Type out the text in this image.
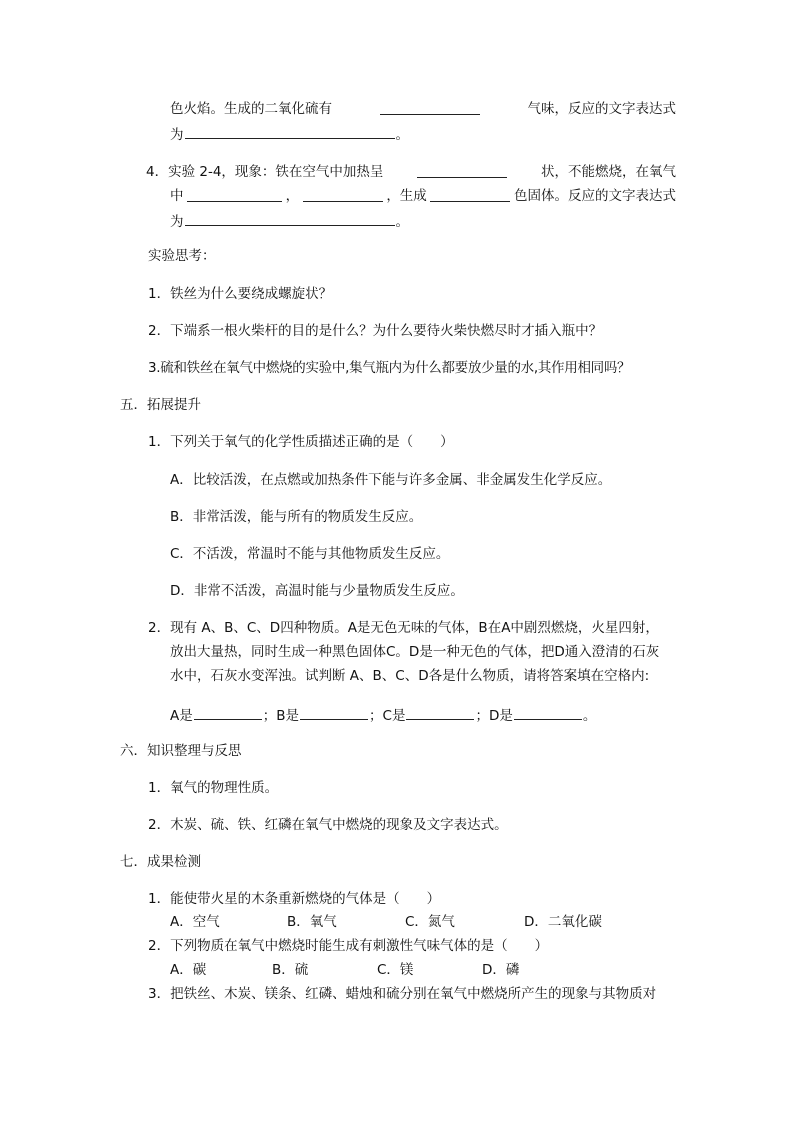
色火焰。生成的二氧化硫有	气味，反应的文字表达式
为	。
4．实验 2-4，现象：铁在空气中加热呈	状，不能燃烧，在氧气
中	，	，生成	色固体。反应的文字表达式
为	。
实验思考：
1．铁丝为什么要绕成螺旋状？
2．下端系一根火柴杆的目的是什么？为什么要待火柴快燃尽时才插入瓶中？
3.硫和铁丝在氧气中燃烧的实验中,集气瓶内为什么都要放少量的水,其作用相同吗？
五．拓展提升
1．下列关于氧气的化学性质描述正确的是（　　）
A．比较活泼，在点燃或加热条件下能与许多金属、非金属发生化学反应。
B．非常活泼，能与所有的物质发生反应。
C．不活泼，常温时不能与其他物质发生反应。
D．非常不活泼，高温时能与少量物质发生反应。
2．现有 A、B、C、D四种物质。A是无色无味的气体，B在A中剧烈燃烧，火星四射，
放出大量热，同时生成一种黑色固体C。D是一种无色的气体，把D通入澄清的石灰
水中，石灰水变浑浊。试判断 A、B、C、D各是什么物质，请将答案填在空格内:
A是	；B是	；C是	；D是	。
六．知识整理与反思
1．氧气的物理性质。
2．木炭、硫、铁、红磷在氧气中燃烧的现象及文字表达式。
七．成果检测
1．能使带火星的木条重新燃烧的气体是（　　）
A．空气	B．氧气	C．氮气	D．二氧化碳
2．下列物质在氧气中燃烧时能生成有刺激性气味气体的是（　　）
A．碳	B．硫	C．镁	D．磷
3．把铁丝、木炭、镁条、红磷、蜡烛和硫分别在氧气中燃烧所产生的现象与其物质对
